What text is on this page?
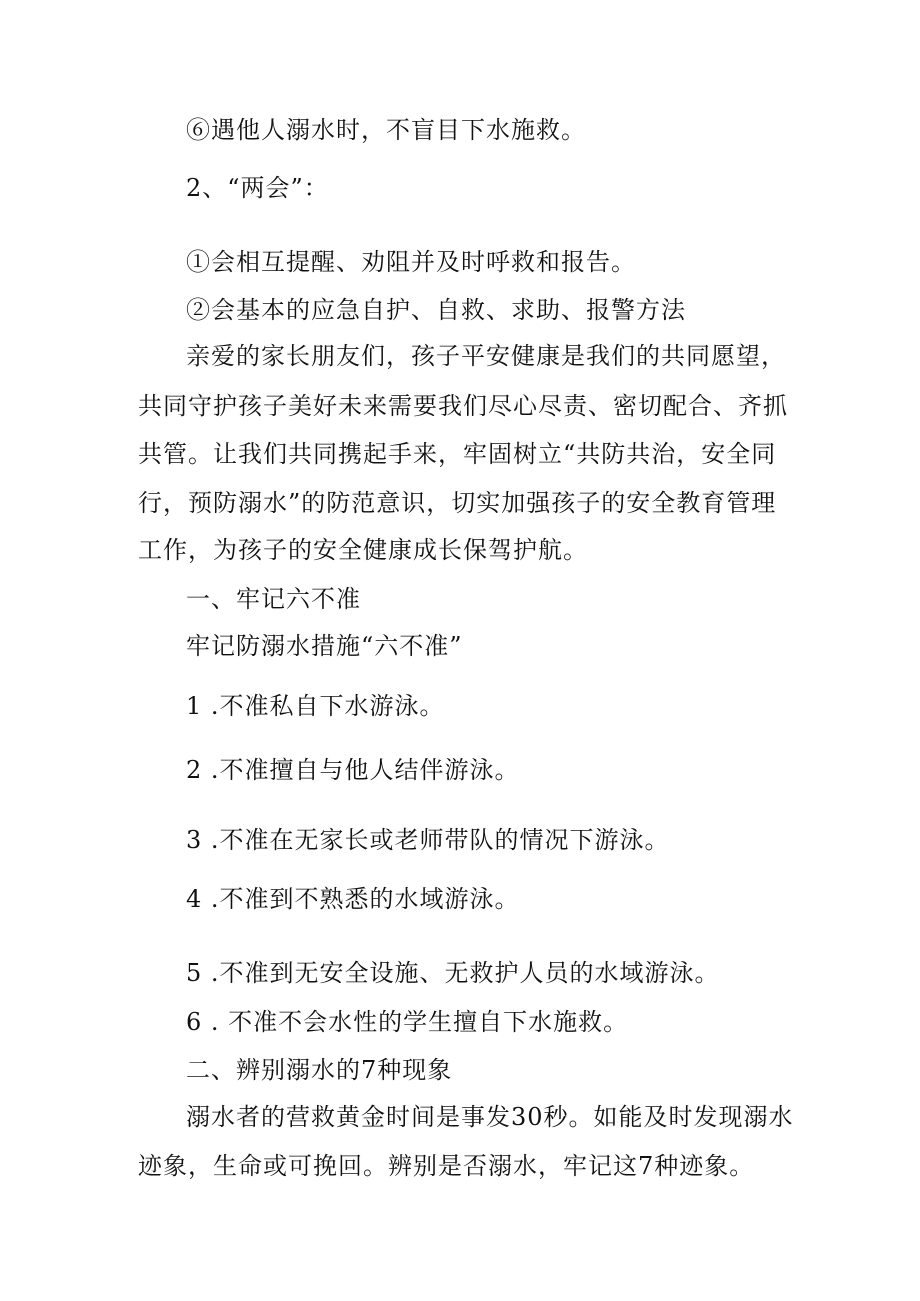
⑥遇他人溺水时，不盲目下水施救。
2、“两会”：
①会相互提醒、劝阻并及时呼救和报告。
②会基本的应急自护、自救、求助、报警方法
亲爱的家长朋友们，孩子平安健康是我们的共同愿望，
共同守护孩子美好未来需要我们尽心尽责、密切配合、齐抓
共管。让我们共同携起手来，牢固树立“共防共治，安全同
行，预防溺水”的防范意识，切实加强孩子的安全教育管理
工作，为孩子的安全健康成长保驾护航。
一、牢记六不准
牢记防溺水措施“六不准”
1 .不准私自下水游泳。
2 .不准擅自与他人结伴游泳。
3 .不准在无家长或老师带队的情况下游泳。
4 .不准到不熟悉的水域游泳。
5 .不准到无安全设施、无救护人员的水域游泳。
6 . 不准不会水性的学生擅自下水施救。
二、辨别溺水的7种现象
溺水者的营救黄金时间是事发30秒。如能及时发现溺水
迹象，生命或可挽回。辨别是否溺水，牢记这7种迹象。
